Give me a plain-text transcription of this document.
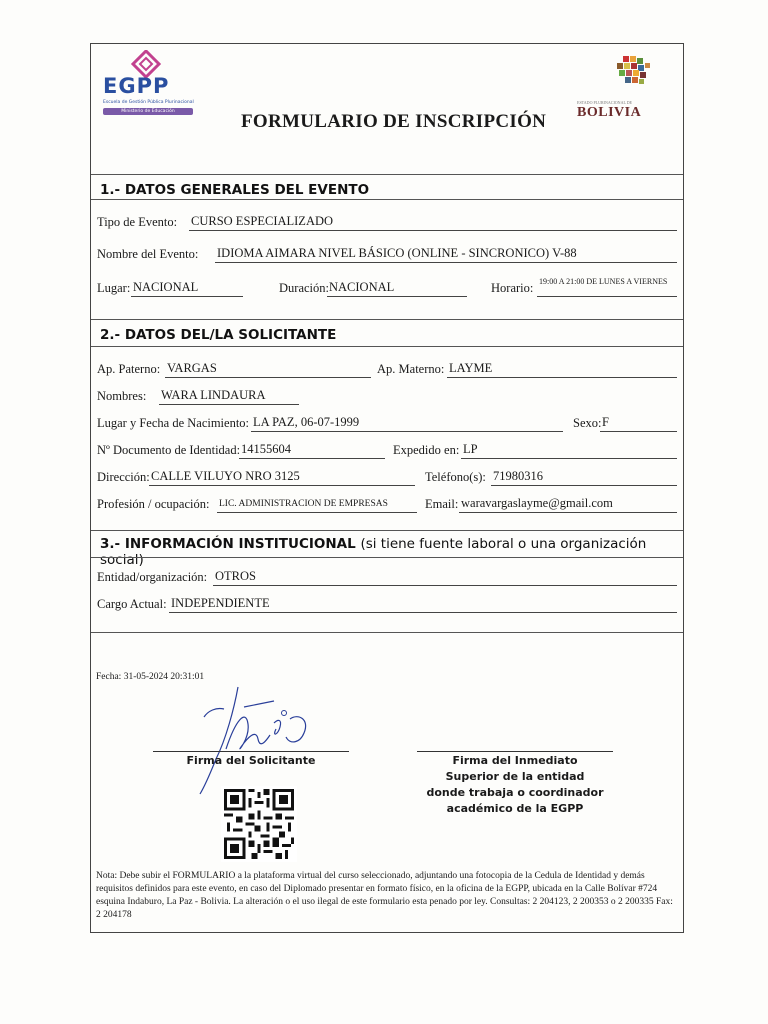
EGPP
Escuela de Gestión Pública Plurinacional
Ministerio de Educación	FORMULARIO DE INSCRIPCIÓN
ESTADO PLURINACIONAL DE
BOLIVIA
1.- DATOS GENERALES DEL EVENTO
Tipo de Evento: CURSO ESPECIALIZADO
Nombre del Evento: IDIOMA AIMARA NIVEL BÁSICO (ONLINE - SINCRONICO) V-88
Lugar: NACIONAL	Duración: NACIONAL	Horario: 19:00 A 21:00 DE LUNES A VIERNES
2.- DATOS DEL/LA SOLICITANTE
Ap. Paterno: VARGAS	Ap. Materno: LAYME
Nombres: WARA LINDAURA
Lugar y Fecha de Nacimiento: LA PAZ, 06-07-1999	Sexo: F
Nº Documento de Identidad: 14155604	Expedido en: LP
Dirección: CALLE VILUYO NRO 3125	Teléfono(s): 71980316
Profesión / ocupación: LIC. ADMINISTRACION DE EMPRESAS	Email: waravargaslayme@gmail.com
3.- INFORMACIÓN INSTITUCIONAL (si tiene fuente laboral o una organización social)
Entidad/organización: OTROS
Cargo Actual: INDEPENDIENTE
Fecha: 31-05-2024 20:31:01
Firma del Solicitante	Firma del Inmediato
Superior de la entidad
donde trabaja o coordinador
académico de la EGPP
Nota: Debe subir el FORMULARIO a la plataforma virtual del curso seleccionado, adjuntando una fotocopia de la Cedula de Identidad y demás requisitos definidos para este evento, en caso del Diplomado presentar en formato físico, en la oficina de la EGPP, ubicada en la Calle Bolívar #724 esquina Indaburo, La Paz - Bolivia. La alteración o el uso ilegal de este formulario esta penado por ley. Consultas: 2 204123, 2 200353 o 2 200335 Fax: 2 204178
